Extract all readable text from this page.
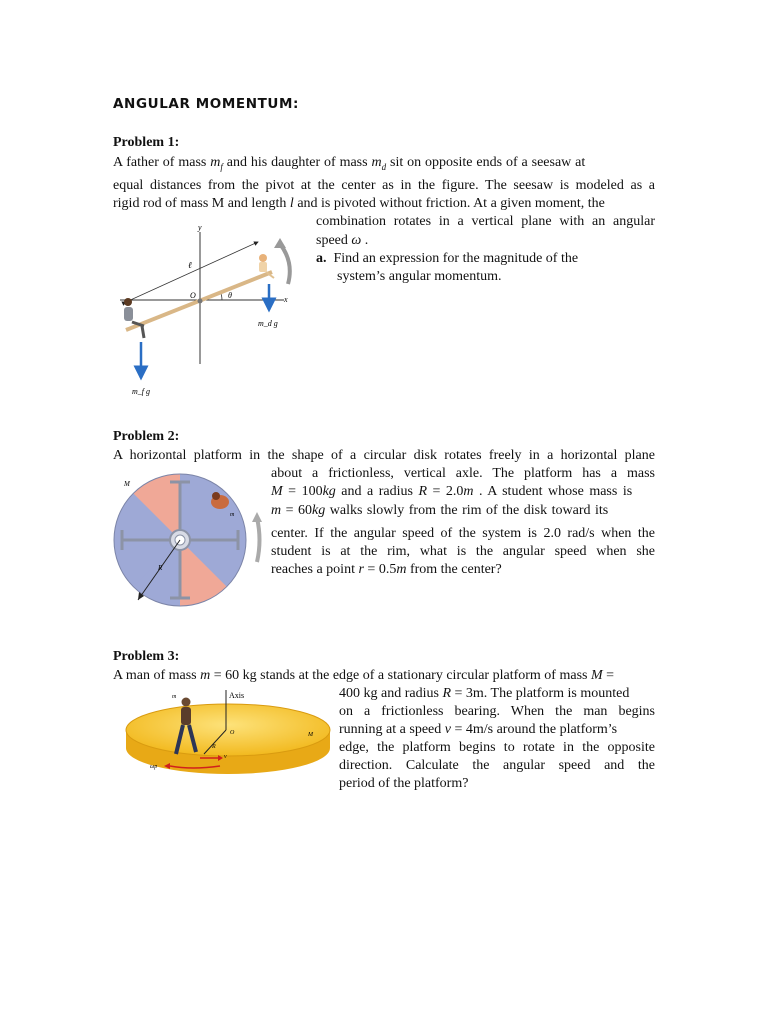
ANGULAR MOMENTUM:
Problem 1:
A father of mass $m_f$ and his daughter of mass $m_d$ sit on opposite ends of a seesaw at
equal distances from the pivot at the center as in the figure. The seesaw is modeled as a
rigid rod of mass M and length l and is pivoted without friction. At a given moment, the
combination rotates in a vertical plane with an angular
speed ω .
a.  Find an expression for the magnitude of the
system’s angular momentum.
y
x
O	θ
ℓ
m_d g
m_f g
Problem 2:
A horizontal platform in the shape of a circular disk rotates freely in a horizontal plane
about a frictionless, vertical axle. The platform has a mass
M = 100kg and a radius R = 2.0m . A student whose mass is
m = 60kg walks slowly from the rim of the disk toward its
center. If the angular speed of the system is 2.0 rad/s when the
student is at the rim, what is the angular speed when she
reaches a point r = 0.5m from the center?
R
M
m
Problem 3:
A man of mass m = 60 kg stands at the edge of a stationary circular platform of mass M =
400 kg and radius R = 3m. The platform is mounted
on a frictionless bearing. When the man begins
running at a speed v = 4m/s around the platform’s
edge, the platform begins to rotate in the opposite
direction. Calculate the angular speed and the
period of the platform?
Axis
O
R
M
m
v
ωp
